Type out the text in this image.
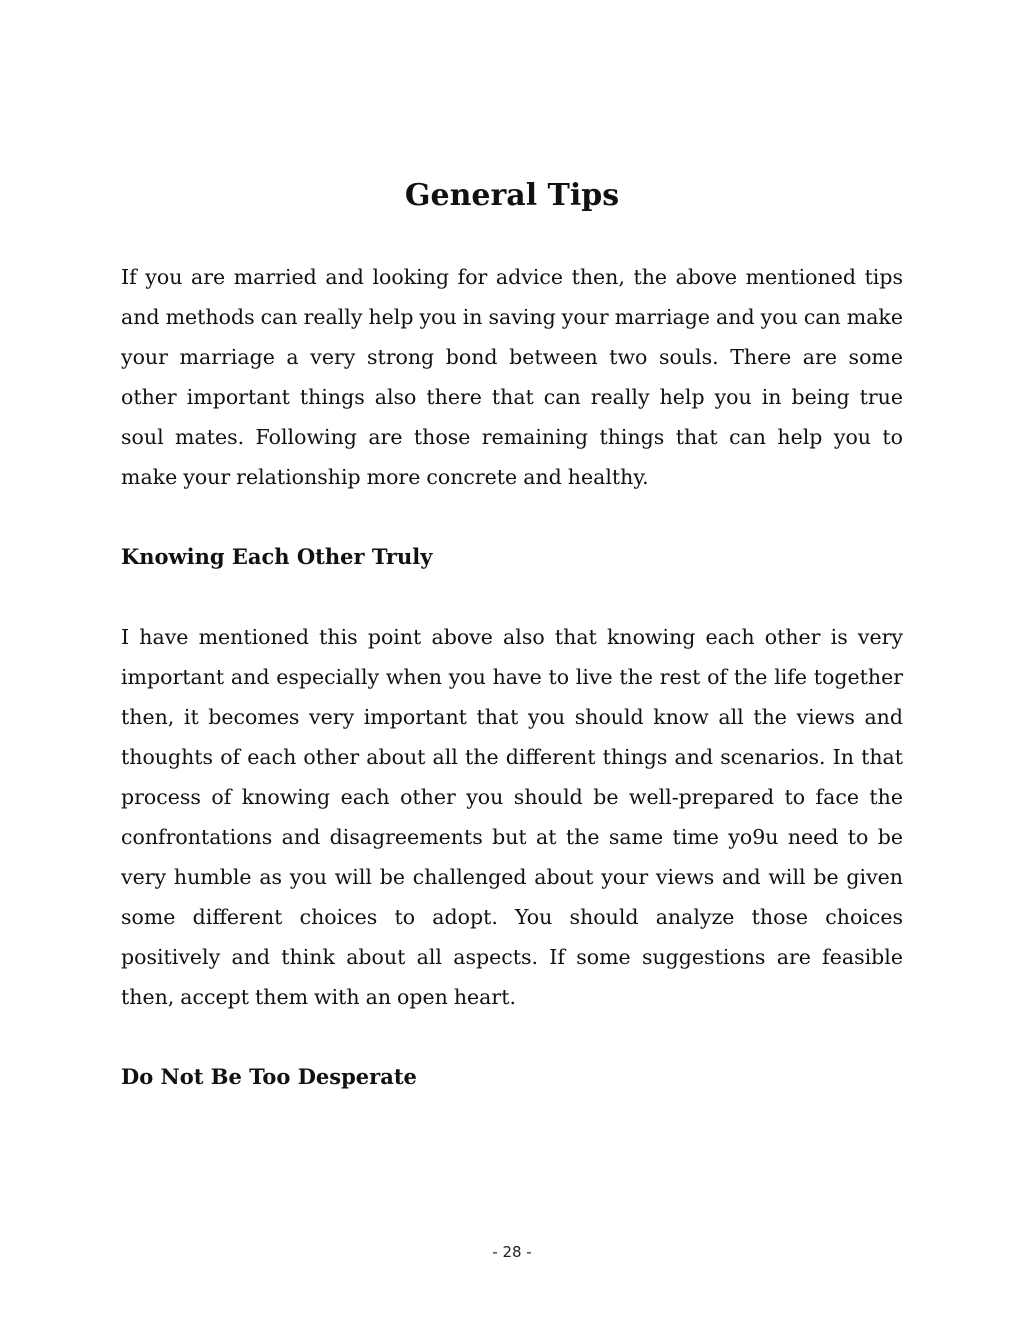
General Tips

If you are married and looking for advice then, the above mentioned tips and methods can really help you in saving your marriage and you can make your marriage a very strong bond between two souls. There are some other important things also there that can really help you in being true soul mates. Following are those remaining things that can help you to make your relationship more concrete and healthy.

Knowing Each Other Truly

I have mentioned this point above also that knowing each other is very important and especially when you have to live the rest of the life together then, it becomes very important that you should know all the views and thoughts of each other about all the different things and scenarios. In that process of knowing each other you should be well-prepared to face the confrontations and disagreements but at the same time yo9u need to be very humble as you will be challenged about your views and will be given some different choices to adopt. You should analyze those choices positively and think about all aspects. If some suggestions are feasible then, accept them with an open heart.

Do Not Be Too Desperate
- 28 -
